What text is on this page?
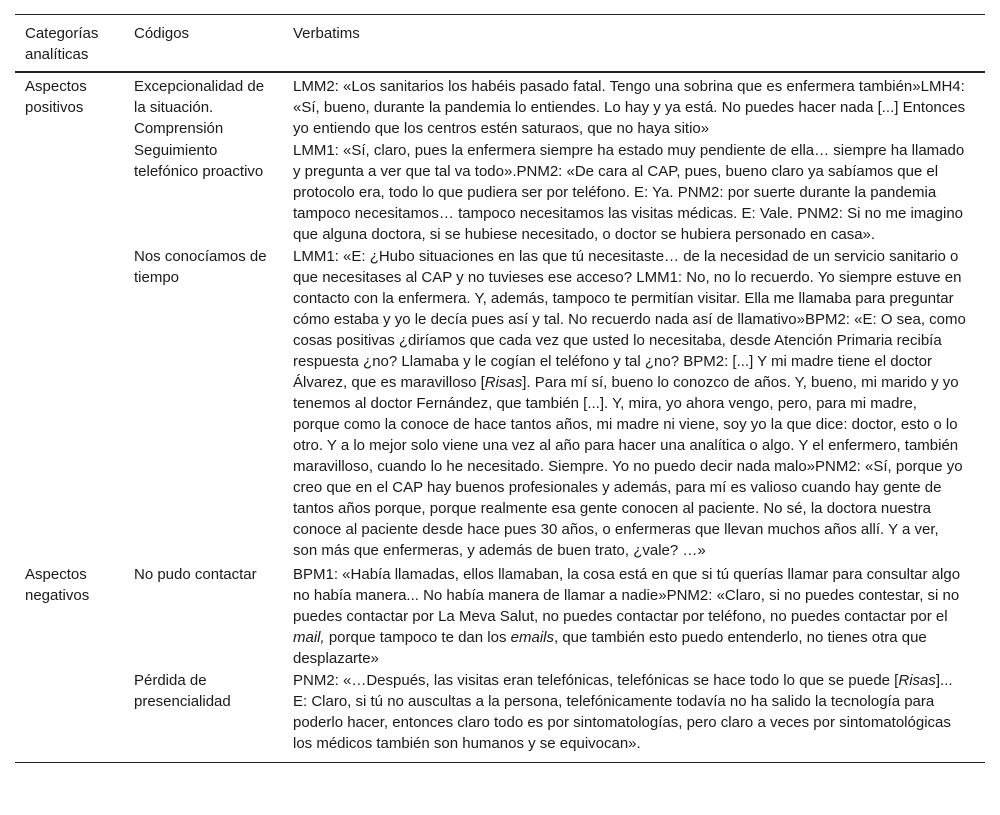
Categorías analíticas	Códigos	Verbatims
Aspectos positivos	Excepcionalidad de la situación. Comprensión	LMM2: «Los sanitarios los habéis pasado fatal. Tengo una sobrina que es enfermera también»LMH4: «Sí, bueno, durante la pandemia lo entiendes. Lo hay y ya está. No puedes hacer nada [...] Entonces yo entiendo que los centros estén saturaos, que no haya sitio»
	Seguimiento telefónico proactivo	LMM1: «Sí, claro, pues la enfermera siempre ha estado muy pendiente de ella… siempre ha llamado y pregunta a ver que tal va todo».PNM2: «De cara al CAP, pues, bueno claro ya sabíamos que el protocolo era, todo lo que pudiera ser por teléfono. E: Ya. PNM2: por suerte durante la pandemia tampoco necesitamos… tampoco necesitamos las visitas médicas. E: Vale. PNM2: Si no me imagino que alguna doctora, si se hubiese necesitado, o doctor se hubiera personado en casa».
	Nos conocíamos de tiempo	LMM1: «E: ¿Hubo situaciones en las que tú necesitaste… de la necesidad de un servicio sanitario o que necesitases al CAP y no tuvieses ese acceso? LMM1: No, no lo recuerdo. Yo siempre estuve en contacto con la enfermera. Y, además, tampoco te permitían visitar. Ella me llamaba para preguntar cómo estaba y yo le decía pues así y tal. No recuerdo nada así de llamativo»BPM2: «E: O sea, como cosas positivas ¿diríamos que cada vez que usted lo necesitaba, desde Atención Primaria recibía respuesta ¿no? Llamaba y le cogían el teléfono y tal ¿no? BPM2: [...] Y mi madre tiene el doctor Álvarez, que es maravilloso [Risas]. Para mí sí, bueno lo conozco de años. Y, bueno, mi marido y yo tenemos al doctor Fernández, que también [...]. Y, mira, yo ahora vengo, pero, para mi madre, porque como la conoce de hace tantos años, mi madre ni viene, soy yo la que dice: doctor, esto o lo otro. Y a lo mejor solo viene una vez al año para hacer una analítica o algo. Y el enfermero, también maravilloso, cuando lo he necesitado. Siempre. Yo no puedo decir nada malo»PNM2: «Sí, porque yo creo que en el CAP hay buenos profesionales y además, para mí es valioso cuando hay gente de tantos años porque, porque realmente esa gente conocen al paciente. No sé, la doctora nuestra conoce al paciente desde hace pues 30 años, o enfermeras que llevan muchos años allí. Y a ver, son más que enfermeras, y además de buen trato, ¿vale? …»
Aspectos negativos	No pudo contactar	BPM1: «Había llamadas, ellos llamaban, la cosa está en que si tú querías llamar para consultar algo no había manera... No había manera de llamar a nadie»PNM2: «Claro, si no puedes contestar, si no puedes contactar por La Meva Salut, no puedes contactar por teléfono, no puedes contactar por el mail, porque tampoco te dan los emails, que también esto puedo entenderlo, no tienes otra que desplazarte»
	Pérdida de presencialidad	PNM2: «…Después, las visitas eran telefónicas, telefónicas se hace todo lo que se puede [Risas]... E: Claro, si tú no auscultas a la persona, telefónicamente todavía no ha salido la tecnología para poderlo hacer, entonces claro todo es por sintomatologías, pero claro a veces por sintomatológicas los médicos también son humanos y se equivocan».
